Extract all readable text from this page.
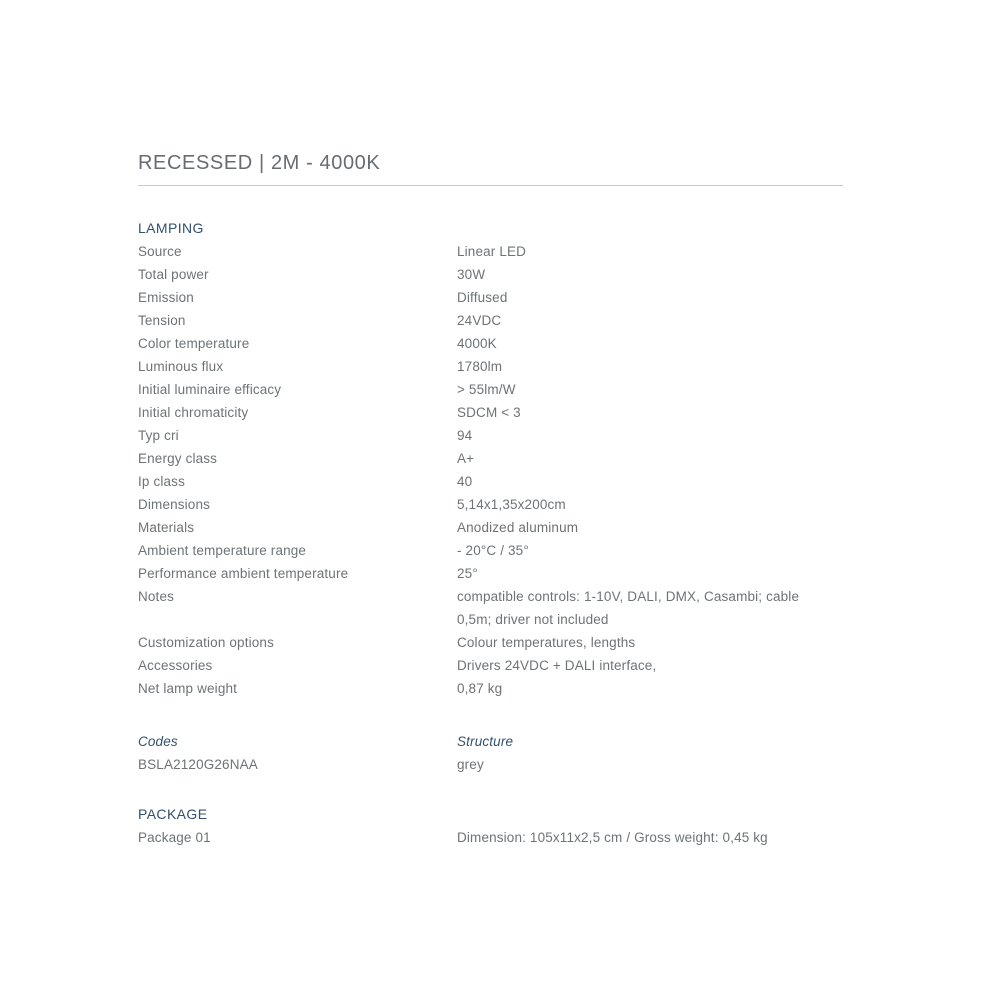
RECESSED | 2M - 4000K
LAMPING
Source	Linear LED
Total power	30W
Emission	Diffused
Tension	24VDC
Color temperature	4000K
Luminous flux	1780lm
Initial luminaire efficacy	> 55lm/W
Initial chromaticity	SDCM < 3
Typ cri	94
Energy class	A+
Ip class	40
Dimensions	5,14x1,35x200cm
Materials	Anodized aluminum
Ambient temperature range	- 20°C / 35°
Performance ambient temperature	25°
Notes	compatible controls: 1-10V, DALI, DMX, Casambi; cable 0,5m; driver not included
Customization options	Colour temperatures, lengths
Accessories	Drivers 24VDC + DALI interface,
Net lamp weight	0,87 kg
Codes	Structure
BSLA2120G26NAA	grey
PACKAGE
Package 01	Dimension: 105x11x2,5 cm / Gross weight: 0,45 kg
